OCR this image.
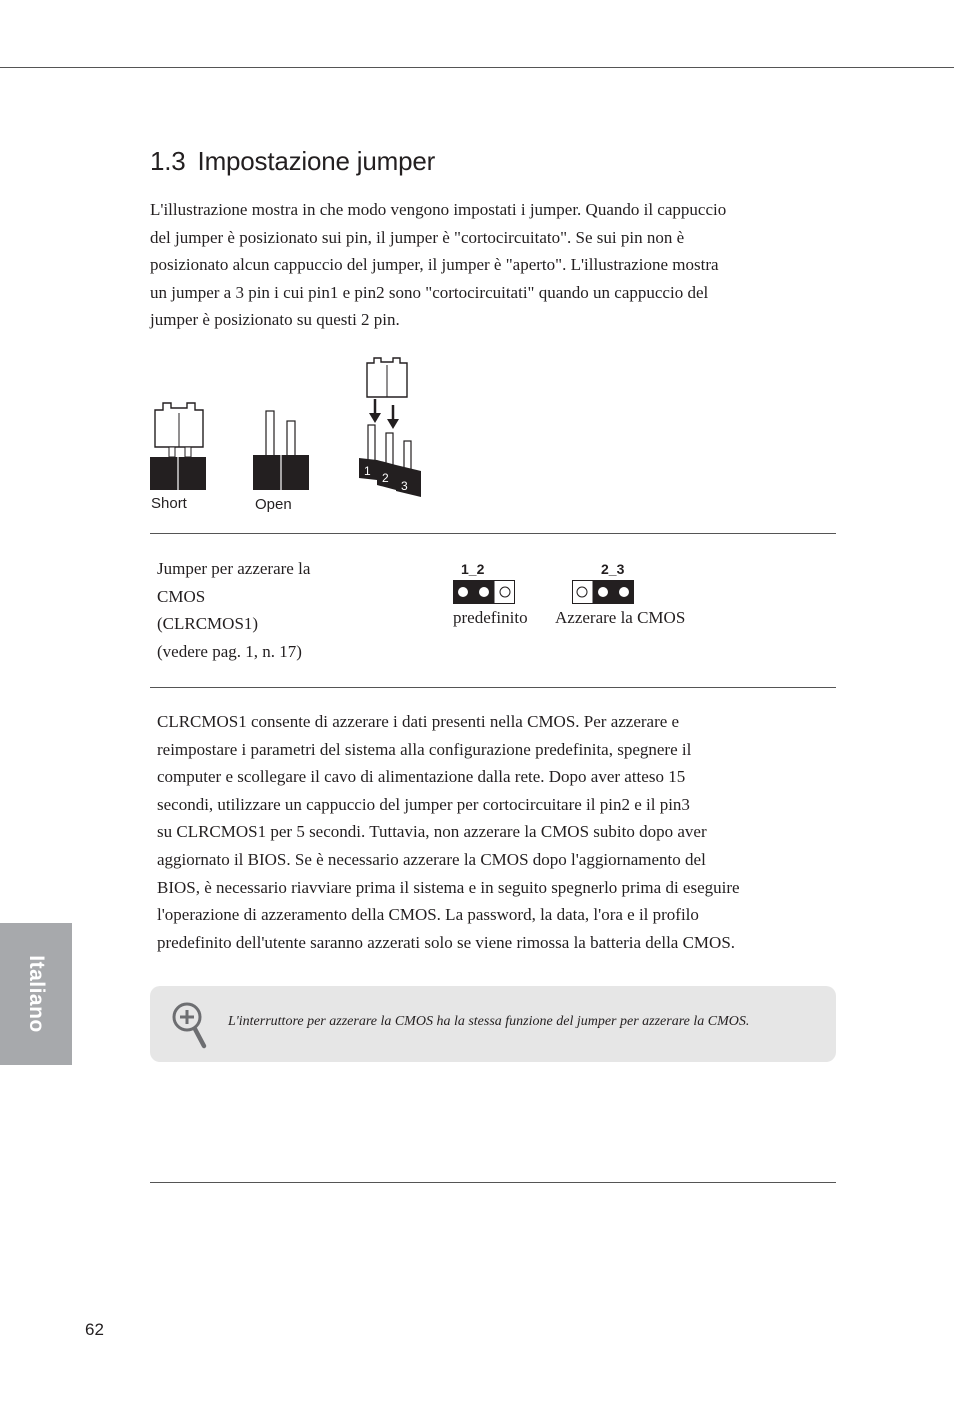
1.3 Impostazione jumper

L'illustrazione mostra in che modo vengono impostati i jumper. Quando il cappuccio
del jumper è posizionato sui pin, il jumper è "cortocircuitato". Se sui pin non è
posizionato alcun cappuccio del jumper, il jumper è "aperto". L'illustrazione mostra
un jumper a 3 pin i cui pin1 e pin2 sono "cortocircuitati" quando un cappuccio del
jumper è posizionato su questi 2 pin.

1 2
3

Short	Open

Jumper per azzerare la
CMOS
(CLRCMOS1)
(vedere pag. 1, n. 17)

1_2	2_3

predefinito Azzerare la CMOS

CLRCMOS1 consente di azzerare i dati presenti nella CMOS. Per azzerare e
reimpostare i parametri del sistema alla configurazione predefinita, spegnere il
computer e scollegare il cavo di alimentazione dalla rete. Dopo aver atteso 15
secondi, utilizzare un cappuccio del jumper per cortocircuitare il pin2 e il pin3
su CLRCMOS1 per 5 secondi. Tuttavia, non azzerare la CMOS subito dopo aver
aggiornato il BIOS. Se è necessario azzerare la CMOS dopo l'aggiornamento del
BIOS, è necessario riavviare prima il sistema e in seguito spegnerlo prima di eseguire
l'operazione di azzeramento della CMOS. La password, la data, l'ora e il profilo
predefinito dell'utente saranno azzerati solo se viene rimossa la batteria della CMOS.

L'interruttore per azzerare la CMOS ha la stessa funzione del jumper per azzerare la CMOS.

Italiano

62
